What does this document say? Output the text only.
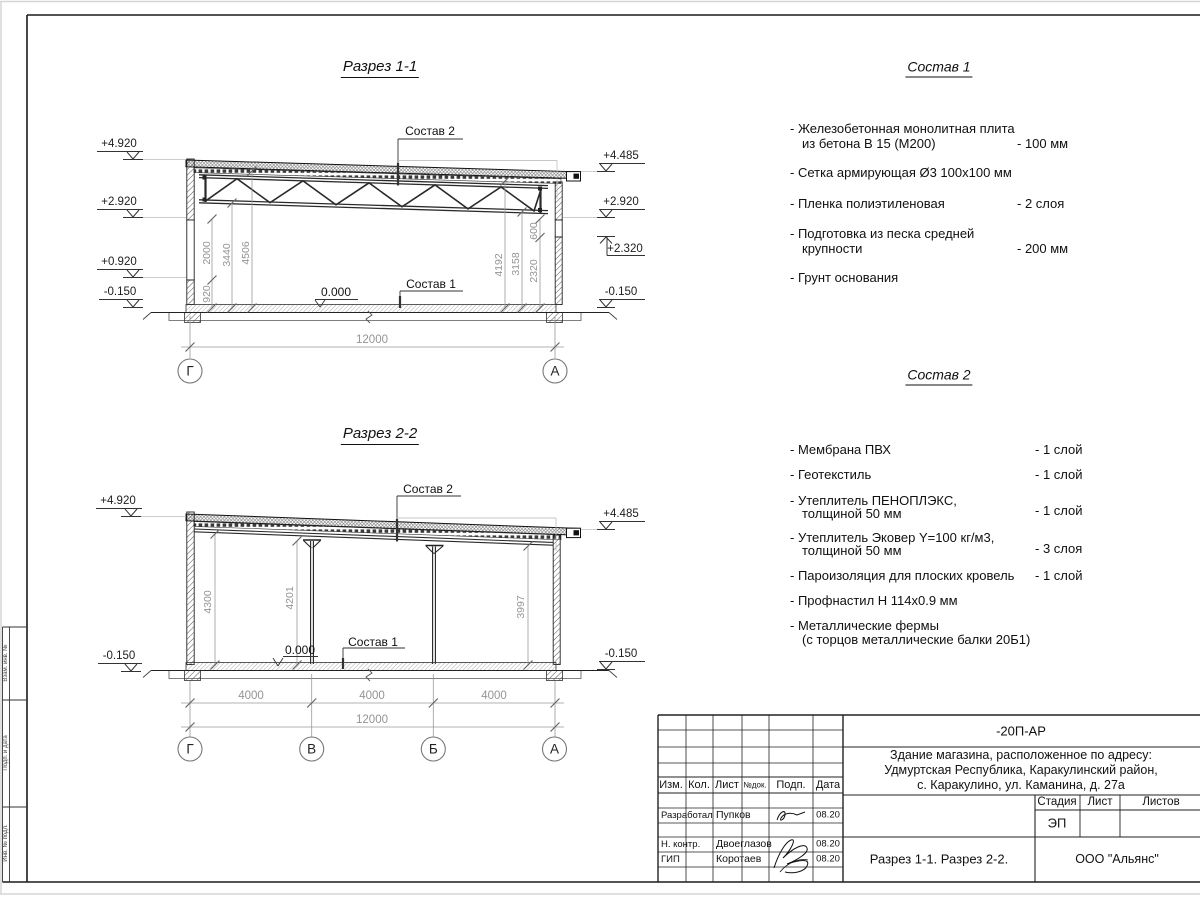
Разрез 1-1
Разрез 2-2
+4.920
+2.920
+0.920
-0.150
+4.485
+2.920
+2.320
-0.150
920
2000 3440 4506
4192 3158 2320
600
Состав 2
Состав 1
0.000
12000
Г	А
+4.920
-0.150
+4.485
-0.150
4300	4201	3997
Состав 2
Состав 1
0.000
4000	4000	4000
12000
Г	В	Б	А
Состав 1
- Железобетонная монолитная плита
из бетона В 15 (М200)	- 100 мм
- Сетка армирующая Ø3 100х100 мм
- Пленка полиэтиленовая	- 2 слоя
- Подготовка из песка средней
крупности	- 200 мм
- Грунт основания
Состав 2
- Мембрана ПВХ	- 1 слой
- Геотекстиль	- 1 слой
- Утеплитель ПЕНОПЛЭКС,
толщиной 50 мм	- 1 слой
- Утеплитель Эковер Y=100 кг/м3,
толщиной 50 мм	- 3 слоя
- Пароизоляция для плоских кровель - 1 слой
- Профнастил Н 114х0.9 мм
- Металлические фермы
(с торцов металлические балки 20Б1)
-20П-АР
Здание магазина, расположенное по адресу:
Удмуртская Республика, Каракулинский район,
с. Каракулино, ул. Каманина, д. 27а
Изм. Кол. Лист №док. Подп. Дата
Стадия Лист	Листов
ЭП
Разрез 1-1. Разрез 2-2.	ООО "Альянс"
Разработал Пупков	08.20
Н. контр. Двоеглазов	08.20
ГИП	Коротаев	08.20
Взам. инв. №
Подп. и дата
Инв. № подл.
